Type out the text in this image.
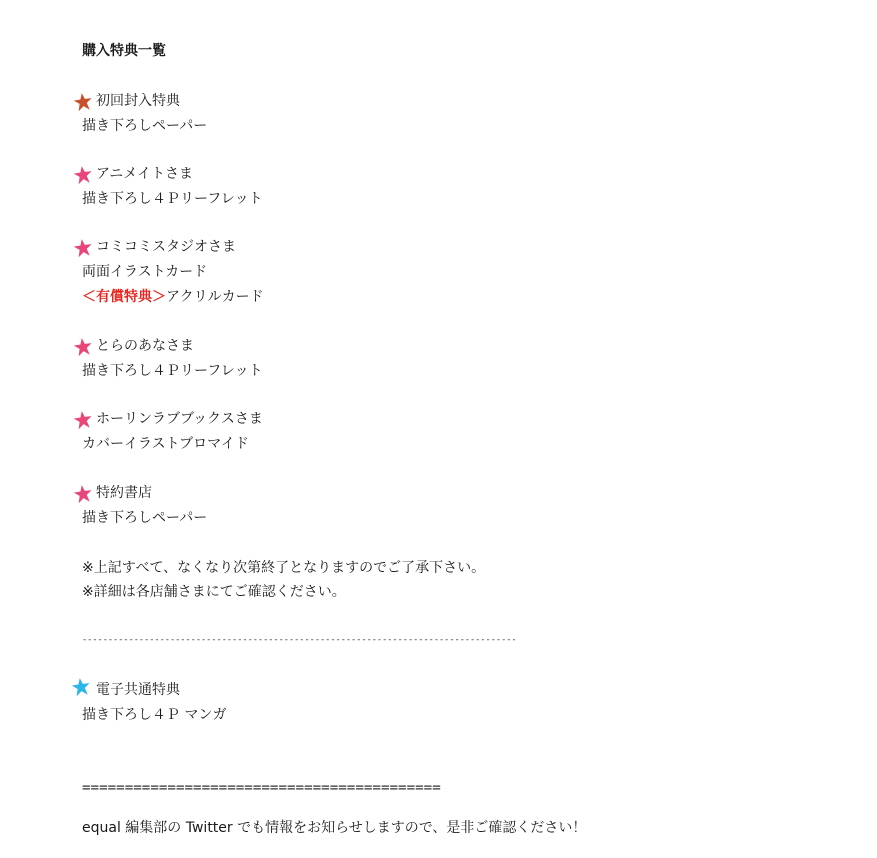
購入特典一覧
初回封入特典
描き下ろしペーパー
アニメイトさま
描き下ろし４Ｐリーフレット
コミコミスタジオさま
両面イラストカード
＜有償特典＞アクリルカード
とらのあなさま
描き下ろし４Ｐリーフレット
ホーリンラブブックスさま
カバーイラストブロマイド
特約書店
描き下ろしペーパー
※上記すべて、なくなり次第終了となりますのでご了承下さい。
※詳細は各店舗さまにてご確認ください。
------------------------------------------------------------------------------------
電子共通特典
描き下ろし４Ｐ マンガ
==========================================
equal 編集部の Twitter でも情報をお知らせしますので、是非ご確認ください！
